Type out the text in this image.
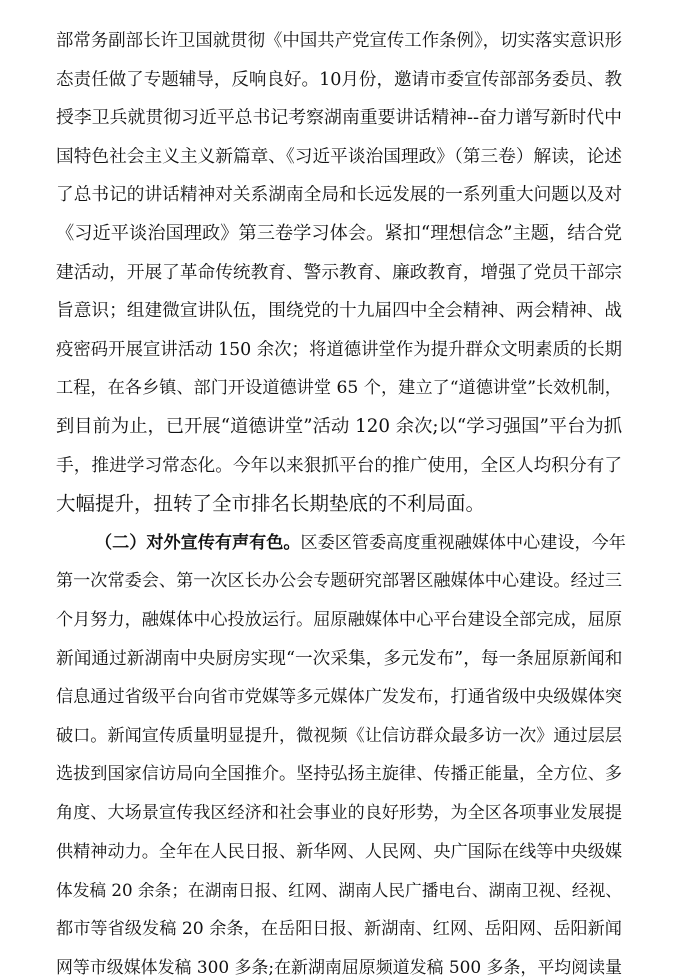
部常务副部长许卫国就贯彻《中国共产党宣传工作条例》，切实落实意识形
态责任做了专题辅导，反响良好。10月份，邀请市委宣传部部务委员、教
授李卫兵就贯彻习近平总书记考察湖南重要讲话精神--奋力谱写新时代中
国特色社会主义主义新篇章、《习近平谈治国理政》（第三卷）解读，论述
了总书记的讲话精神对关系湖南全局和长远发展的一系列重大问题以及对
《习近平谈治国理政》第三卷学习体会。紧扣“理想信念”主题，结合党
建活动，开展了革命传统教育、警示教育、廉政教育，增强了党员干部宗
旨意识；组建微宣讲队伍，围绕党的十九届四中全会精神、两会精神、战
疫密码开展宣讲活动 150 余次；将道德讲堂作为提升群众文明素质的长期
工程，在各乡镇、部门开设道德讲堂 65 个，建立了“道德讲堂”长效机制，
到目前为止，已开展“道德讲堂”活动 120 余次;以“学习强国”平台为抓
手，推进学习常态化。今年以来狠抓平台的推广使用，全区人均积分有了
大幅提升，扭转了全市排名长期垫底的不利局面。
（二）对外宣传有声有色。区委区管委高度重视融媒体中心建设，今年
第一次常委会、第一次区长办公会专题研究部署区融媒体中心建设。经过三
个月努力，融媒体中心投放运行。屈原融媒体中心平台建设全部完成，屈原
新闻通过新湖南中央厨房实现“一次采集，多元发布”，每一条屈原新闻和
信息通过省级平台向省市党媒等多元媒体广发发布，打通省级中央级媒体突
破口。新闻宣传质量明显提升，微视频《让信访群众最多访一次》通过层层
选拔到国家信访局向全国推介。坚持弘扬主旋律、传播正能量，全方位、多
角度、大场景宣传我区经济和社会事业的良好形势，为全区各项事业发展提
供精神动力。全年在人民日报、新华网、人民网、央广国际在线等中央级媒
体发稿 20 余条；在湖南日报、红网、湖南人民广播电台、湖南卫视、经视、
都市等省级发稿 20 余条，在岳阳日报、新湖南、红网、岳阳网、岳阳新闻
网等市级媒体发稿 300 多条;在新湖南屈原频道发稿 500 多条，平均阅读量
